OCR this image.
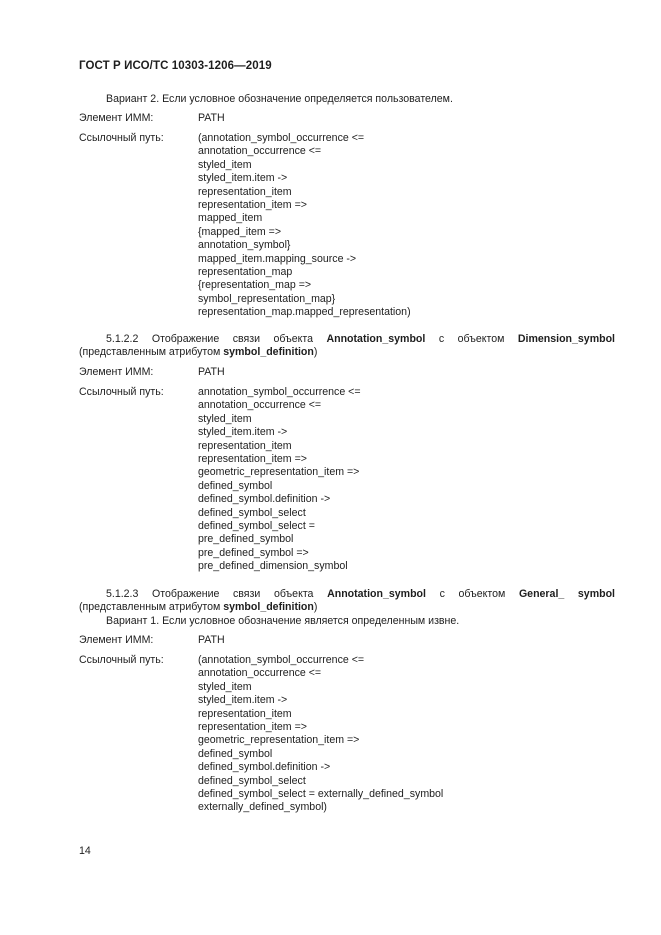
ГОСТ Р ИСО/ТС 10303-1206—2019
Вариант 2. Если условное обозначение определяется пользователем.
Элемент ИММ:	PATH
Ссылочный путь:	(annotation_symbol_occurrence <=
annotation_occurrence <=
styled_item
styled_item.item ->
representation_item
representation_item =>
mapped_item
{mapped_item =>
annotation_symbol}
mapped_item.mapping_source ->
representation_map
{representation_map =>
symbol_representation_map}
representation_map.mapped_representation)
5.1.2.2 Отображение связи объекта Annotation_symbol с объектом Dimension_symbol (представленным атрибутом symbol_definition)
Элемент ИММ:	PATH
Ссылочный путь:	annotation_symbol_occurrence <=
annotation_occurrence <=
styled_item
styled_item.item ->
representation_item
representation_item =>
geometric_representation_item =>
defined_symbol
defined_symbol.definition ->
defined_symbol_select
defined_symbol_select =
pre_defined_symbol
pre_defined_symbol =>
pre_defined_dimension_symbol
5.1.2.3 Отображение связи объекта Annotation_symbol с объектом General_ symbol (представленным атрибутом symbol_definition)
Вариант 1. Если условное обозначение является определенным извне.
Элемент ИММ:	PATH
Ссылочный путь:	(annotation_symbol_occurrence <=
annotation_occurrence <=
styled_item
styled_item.item ->
representation_item
representation_item =>
geometric_representation_item =>
defined_symbol
defined_symbol.definition ->
defined_symbol_select
defined_symbol_select = externally_defined_symbol
externally_defined_symbol)
14
